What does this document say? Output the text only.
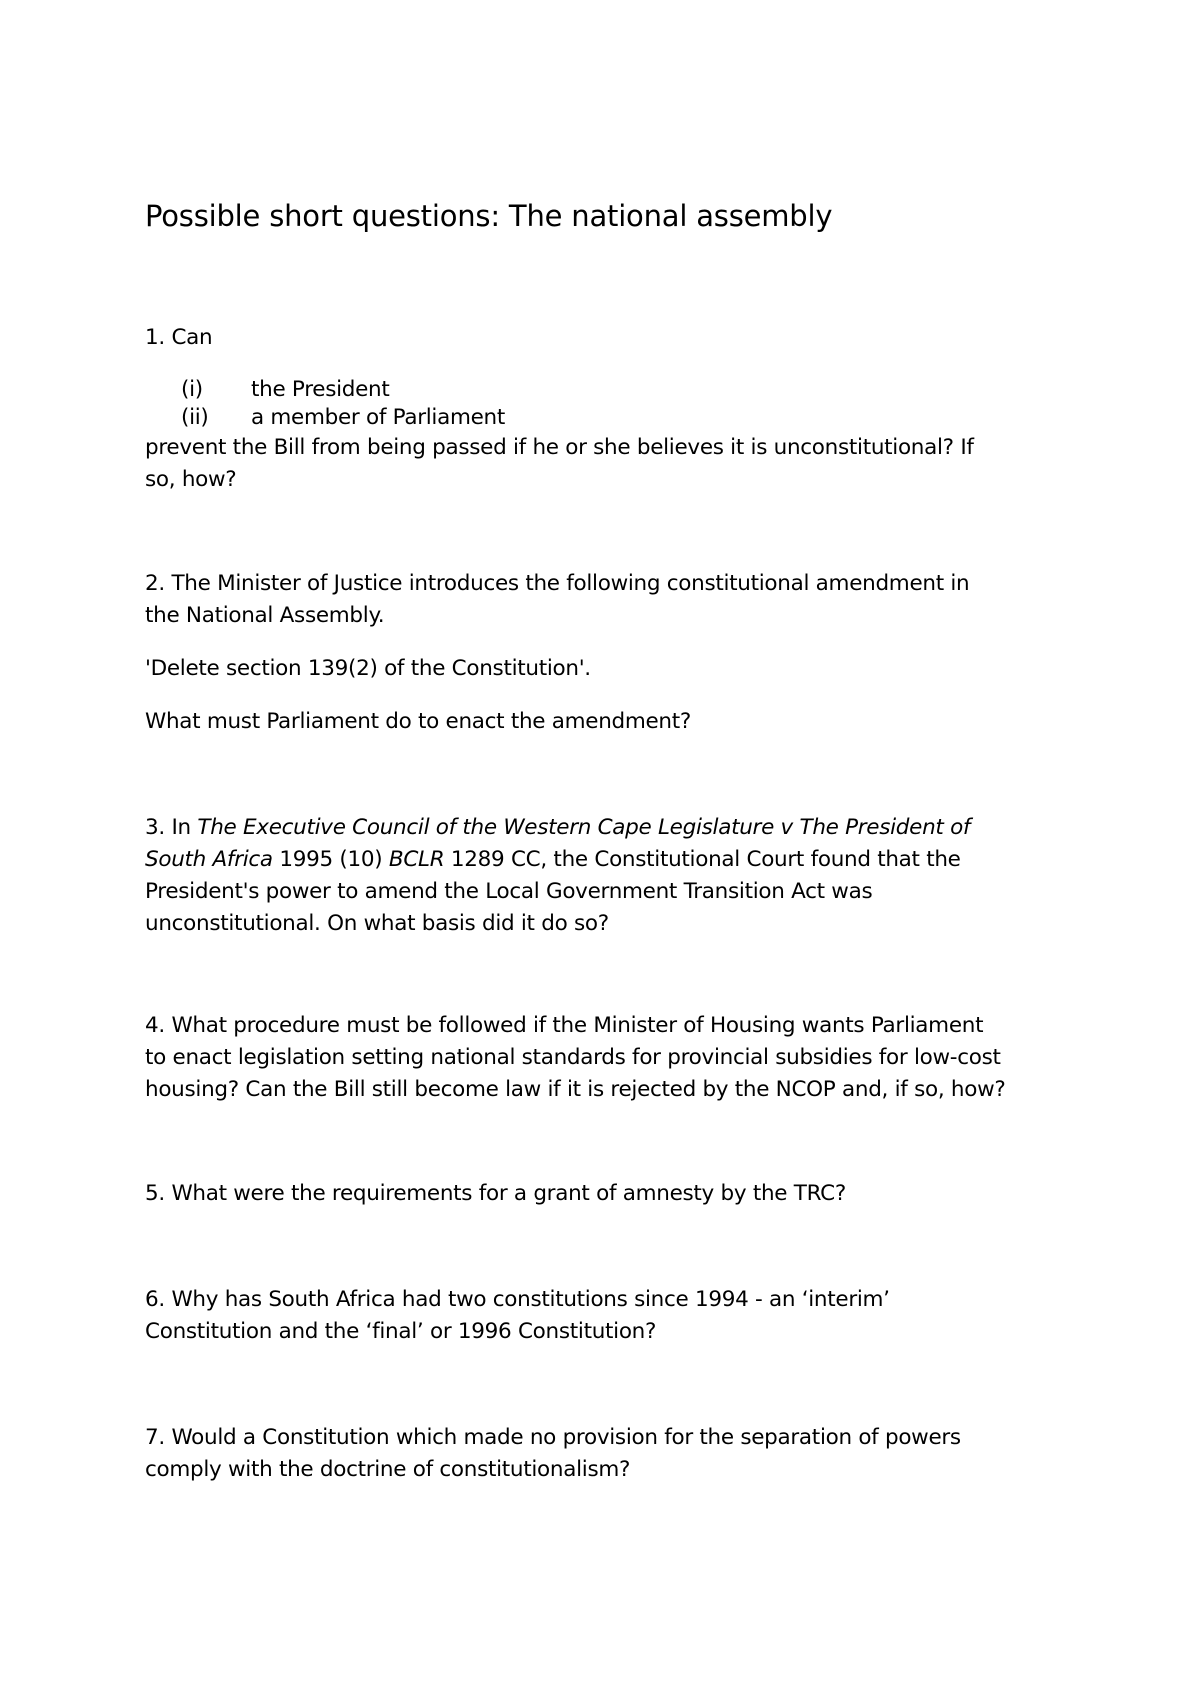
Possible short questions: The national assembly
1. Can
(i) the President
(ii) a member of Parliament
prevent the Bill from being passed if he or she believes it is unconstitutional? If
so, how?
2. The Minister of Justice introduces the following constitutional amendment in
the National Assembly.
'Delete section 139(2) of the Constitution'.
What must Parliament do to enact the amendment?
3. In The Executive Council of the Western Cape Legislature v The President of
South Africa 1995 (10) BCLR 1289 CC, the Constitutional Court found that the
President's power to amend the Local Government Transition Act was
unconstitutional. On what basis did it do so?
4. What procedure must be followed if the Minister of Housing wants Parliament
to enact legislation setting national standards for provincial subsidies for low-cost
housing? Can the Bill still become law if it is rejected by the NCOP and, if so, how?
5. What were the requirements for a grant of amnesty by the TRC?
6. Why has South Africa had two constitutions since 1994 - an ‘interim’
Constitution and the ‘final’ or 1996 Constitution?
7. Would a Constitution which made no provision for the separation of powers
comply with the doctrine of constitutionalism?
